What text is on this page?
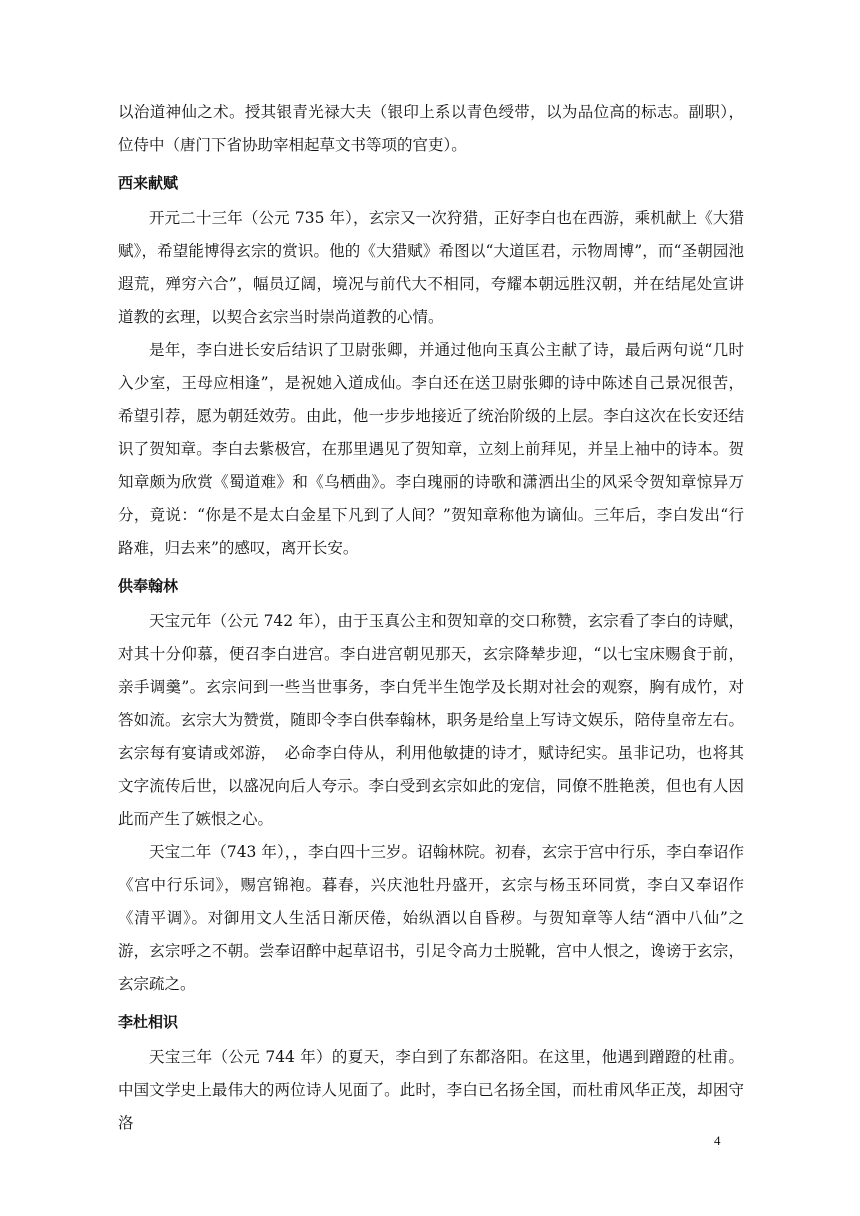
以治道神仙之术。授其银青光禄大夫（银印上系以青色绶带，以为品位高的标志。副职），位侍中（唐门下省协助宰相起草文书等项的官吏）。

西来献赋

开元二十三年（公元 735 年），玄宗又一次狩猎，正好李白也在西游，乘机献上《大猎赋》，希望能博得玄宗的赏识。他的《大猎赋》希图以“大道匡君，示物周博”，而“圣朝园池遐荒，殚穷六合”，幅员辽阔，境况与前代大不相同，夸耀本朝远胜汉朝，并在结尾处宣讲道教的玄理，以契合玄宗当时崇尚道教的心情。

是年，李白进长安后结识了卫尉张卿，并通过他向玉真公主献了诗，最后两句说“几时入少室，王母应相逢”，是祝她入道成仙。李白还在送卫尉张卿的诗中陈述自己景况很苦，希望引荐，愿为朝廷效劳。由此，他一步步地接近了统治阶级的上层。李白这次在长安还结识了贺知章。李白去紫极宫，在那里遇见了贺知章，立刻上前拜见，并呈上袖中的诗本。贺知章颇为欣赏《蜀道难》和《乌栖曲》。李白瑰丽的诗歌和潇洒出尘的风采令贺知章惊异万分，竟说：“你是不是太白金星下凡到了人间？”贺知章称他为谪仙。三年后，李白发出“行路难，归去来”的感叹，离开长安。

供奉翰林

天宝元年（公元 742 年），由于玉真公主和贺知章的交口称赞，玄宗看了李白的诗赋，对其十分仰慕，便召李白进宫。李白进宫朝见那天，玄宗降辇步迎，“以七宝床赐食于前，亲手调羹”。玄宗问到一些当世事务，李白凭半生饱学及长期对社会的观察，胸有成竹，对答如流。玄宗大为赞赏，随即令李白供奉翰林，职务是给皇上写诗文娱乐，陪侍皇帝左右。玄宗每有宴请或郊游，　必命李白侍从，利用他敏捷的诗才，赋诗纪实。虽非记功，也将其文字流传后世，以盛况向后人夸示。李白受到玄宗如此的宠信，同僚不胜艳羡，但也有人因此而产生了嫉恨之心。

天宝二年（743 年），，李白四十三岁。诏翰林院。初春，玄宗于宫中行乐，李白奉诏作《宫中行乐词》，赐宫锦袍。暮春，兴庆池牡丹盛开，玄宗与杨玉环同赏，李白又奉诏作《清平调》。对御用文人生活日渐厌倦，始纵酒以自昏秽。与贺知章等人结“酒中八仙”之游，玄宗呼之不朝。尝奉诏醉中起草诏书，引足令高力士脱靴，宫中人恨之，谗谤于玄宗，玄宗疏之。

李杜相识

天宝三年（公元 744 年）的夏天，李白到了东都洛阳。在这里，他遇到蹭蹬的杜甫。中国文学史上最伟大的两位诗人见面了。此时，李白已名扬全国，而杜甫风华正茂，却困守洛

4
